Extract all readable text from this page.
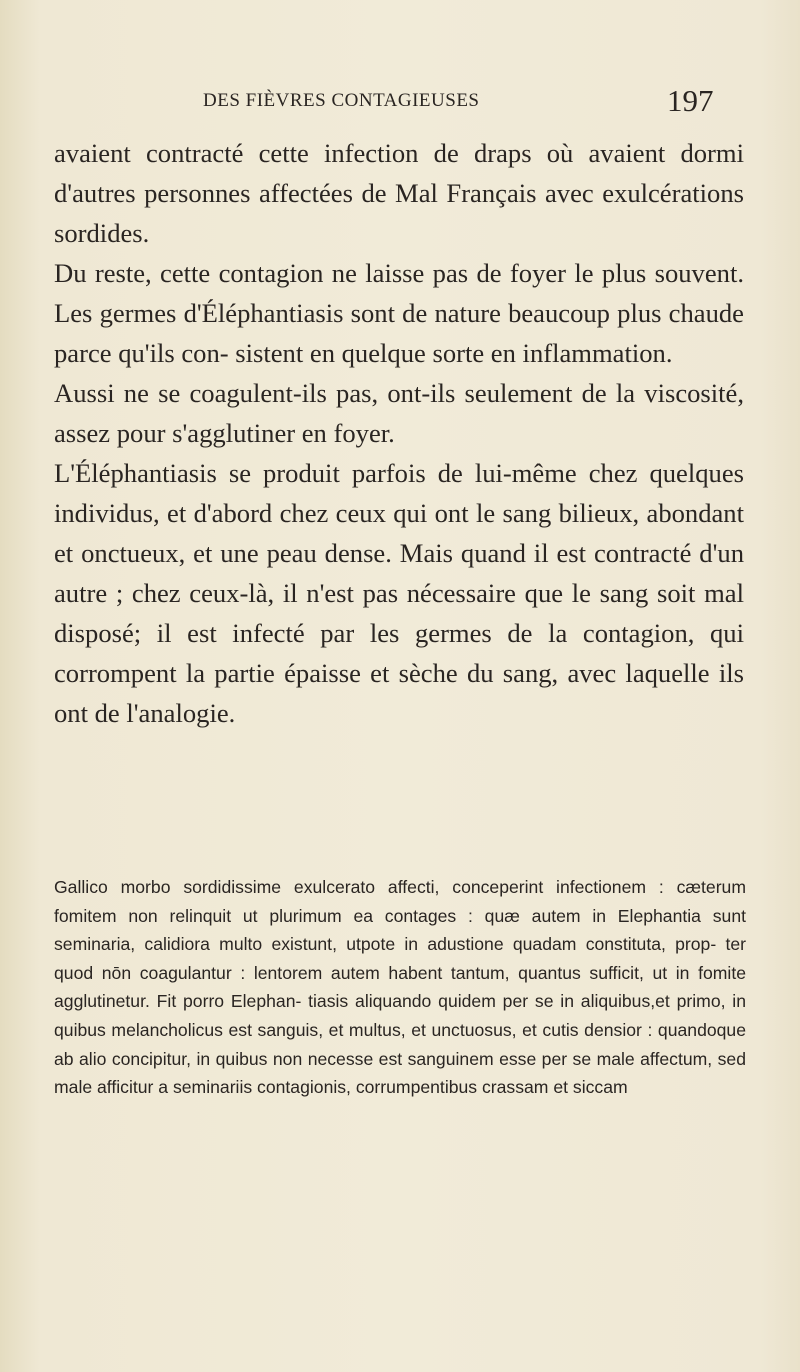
DES FIÈVRES CONTAGIEUSES	197

avaient contracté cette infection de draps où avaient dormi d'autres personnes affectées de Mal Français avec exulcérations sordides.

Du reste, cette contagion ne laisse pas de foyer le plus souvent. Les germes d'Éléphantiasis sont de nature beaucoup plus chaude parce qu'ils con- sistent en quelque sorte en inflammation.

Aussi ne se coagulent-ils pas, ont-ils seulement de la viscosité, assez pour s'agglutiner en foyer.

L'Éléphantiasis se produit parfois de lui-même chez quelques individus, et d'abord chez ceux qui ont le sang bilieux, abondant et onctueux, et une peau dense. Mais quand il est contracté d'un autre ; chez ceux-là, il n'est pas nécessaire que le sang soit mal disposé; il est infecté par les germes de la contagion, qui corrompent la partie épaisse et sèche du sang, avec laquelle ils ont de l'analogie.

Gallico morbo sordidissime exulcerato affecti, conceperint infectionem : cæterum fomitem non relinquit ut plurimum ea contages : quæ autem in Elephantia sunt seminaria, calidiora multo existunt, utpote in adustione quadam constituta, prop- ter quod nōn coagulantur : lentorem autem habent tantum, quantus sufficit, ut in fomite agglutinetur. Fit porro Elephan- tiasis aliquando quidem per se in aliquibus,et primo, in quibus melancholicus est sanguis, et multus, et unctuosus, et cutis densior : quandoque ab alio concipitur, in quibus non necesse est sanguinem esse per se male affectum, sed male afficitur a seminariis contagionis, corrumpentibus crassam et siccam
